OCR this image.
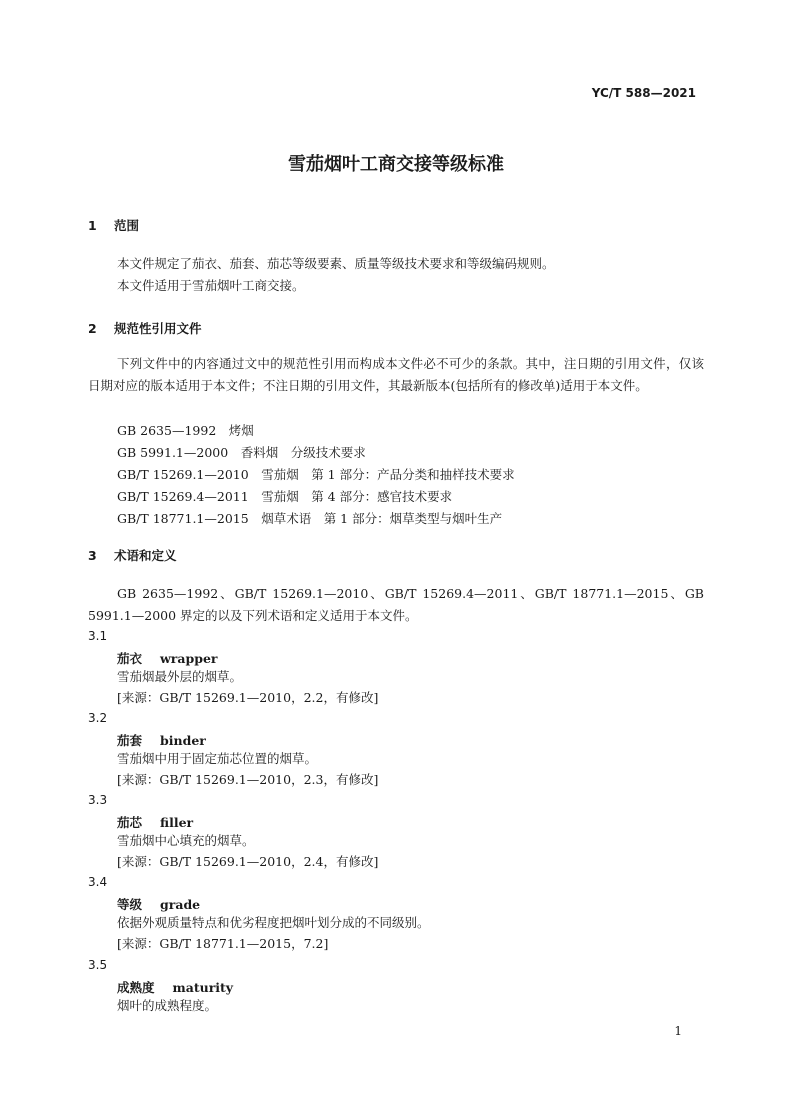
YC/T 588—2021
雪茄烟叶工商交接等级标准
1 范围
本文件规定了茄衣、茄套、茄芯等级要素、质量等级技术要求和等级编码规则。
本文件适用于雪茄烟叶工商交接。
2 规范性引用文件
下列文件中的内容通过文中的规范性引用而构成本文件必不可少的条款。其中，注日期的引用文件，仅该日期对应的版本适用于本文件；不注日期的引用文件，其最新版本(包括所有的修改单)适用于本文件。
GB 2635—1992　烤烟
GB 5991.1—2000　香料烟　分级技术要求
GB/T 15269.1—2010　雪茄烟　第 1 部分：产品分类和抽样技术要求
GB/T 15269.4—2011　雪茄烟　第 4 部分：感官技术要求
GB/T 18771.1—2015　烟草术语　第 1 部分：烟草类型与烟叶生产
3 术语和定义
GB 2635—1992、GB/T 15269.1—2010、GB/T 15269.4—2011、GB/T 18771.1—2015、GB 5991.1—2000 界定的以及下列术语和定义适用于本文件。
3.1
茄衣 wrapper
雪茄烟最外层的烟草。
[来源：GB/T 15269.1—2010，2.2，有修改]
3.2
茄套 binder
雪茄烟中用于固定茄芯位置的烟草。
[来源：GB/T 15269.1—2010，2.3，有修改]
3.3
茄芯 filler
雪茄烟中心填充的烟草。
[来源：GB/T 15269.1—2010，2.4，有修改]
3.4
等级 grade
依据外观质量特点和优劣程度把烟叶划分成的不同级别。
[来源：GB/T 18771.1—2015，7.2]
3.5
成熟度 maturity
烟叶的成熟程度。
1
